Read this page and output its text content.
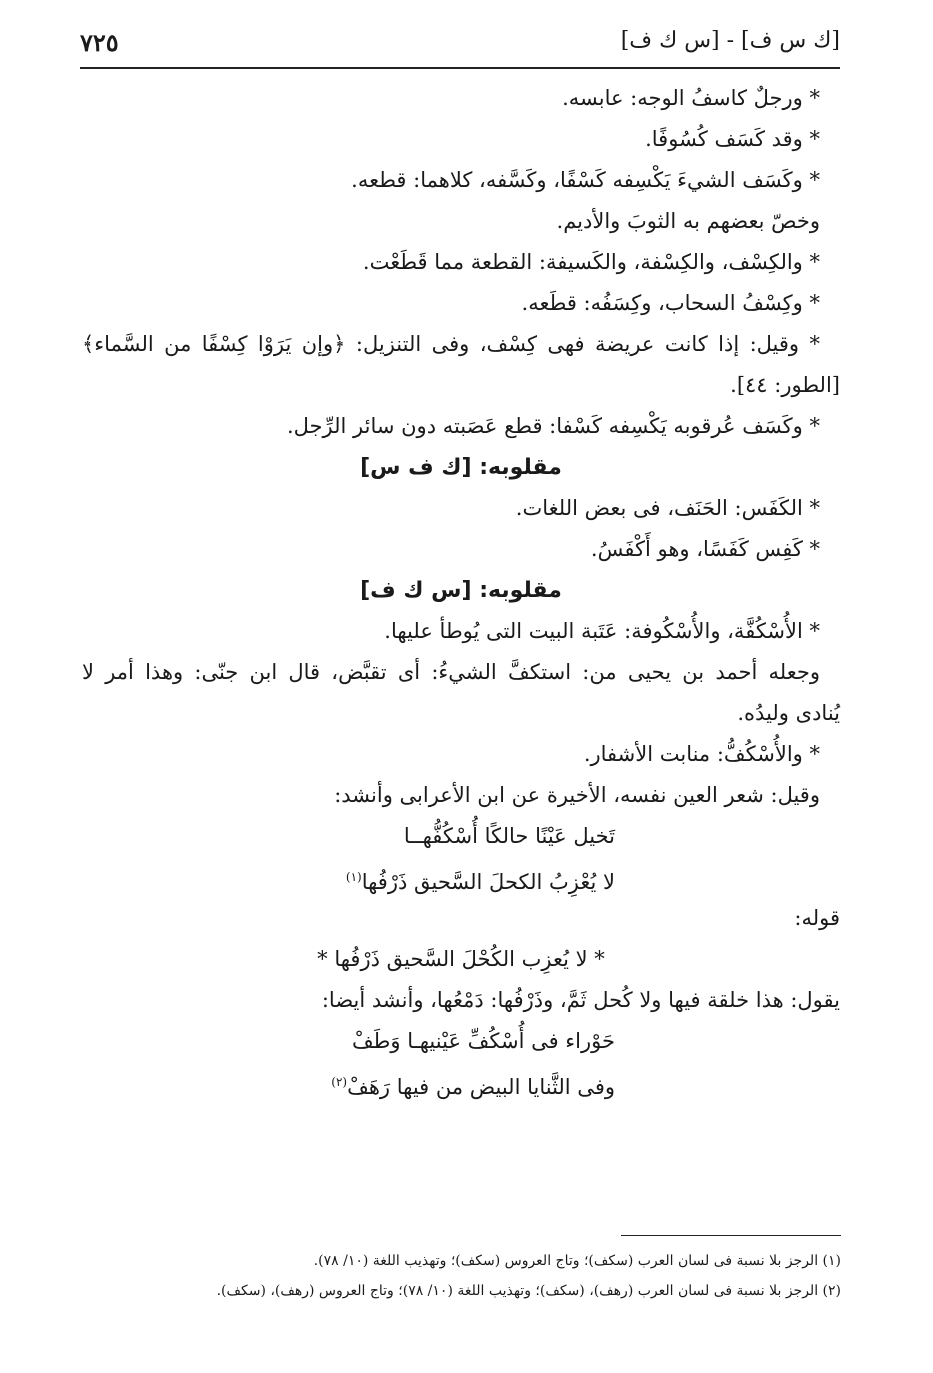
٧٢٥	[ك س ف] - [س ك ف]
* ورجلٌ كاسفُ الوجه: عابسه.
* وقد كَسَف كُسُوفًا.
* وكَسَف الشيءَ يَكْسِفه كَسْفًا، وكَسَّفه، كلاهما: قطعه.
وخصّ بعضهم به الثوبَ والأديم.
* والكِسْف، والكِسْفة، والكَسيفة: القطعة مما قَطَعْت.
* وكِسْفُ السحاب، وكِسَفُه: قطَعه.
* وقيل: إذا كانت عريضة فهى كِسْف، وفى التنزيل: ﴿وإن يَرَوْا كِسْفًا من السَّماء﴾
[الطور: ٤٤].
* وكَسَف عُرقوبه يَكْسِفه كَسْفا: قطع عَصَبته دون سائر الرِّجل.
مقلوبه: [ك ف س]
* الكَفَس: الحَنَف، فى بعض اللغات.
* كَفِس كَفَسًا، وهو أَكْفَسُ.
مقلوبه: [س ك ف]
* الأُسْكُفَّة، والأُسْكُوفة: عَتَبة البيت التى يُوطأ عليها.
وجعله أحمد بن يحيى من: استكفَّ الشيءُ: أى تقبَّض، قال ابن جنّى: وهذا أمر لا
يُنادى وليدُه.
* والأُسْكُفُّ: منابت الأشفار.
وقيل: شعر العين نفسه، الأخيرة عن ابن الأعرابى وأنشد:
تَخيل عَيْنًا حالكًا أُسْكُفُّهــا
لا يُعْزِبُ الكحلَ السَّحيق ذَرْفُها$^{(١)}$
قوله:
* لا يُعزِب الكُحْلَ السَّحيق ذَرْفُها *
يقول: هذا خلقة فيها ولا كُحل ثَمَّ، وذَرْفُها: دَمْعُها، وأنشد أيضا:
حَوْراء فى أُسْكُفِّ عَيْنيهـا وَطَفْ
وفى الثَّنايا البيض من فيها رَهَفْ$^{(٢)}$
(١) الرجز بلا نسبة فى لسان العرب (سكف)؛ وتاج العروس (سكف)؛ وتهذيب اللغة (١٠/ ٧٨).
(٢) الرجز بلا نسبة فى لسان العرب (رهف)، (سكف)؛ وتهذيب اللغة (١٠/ ٧٨)؛ وتاج العروس (رهف)، (سكف).
